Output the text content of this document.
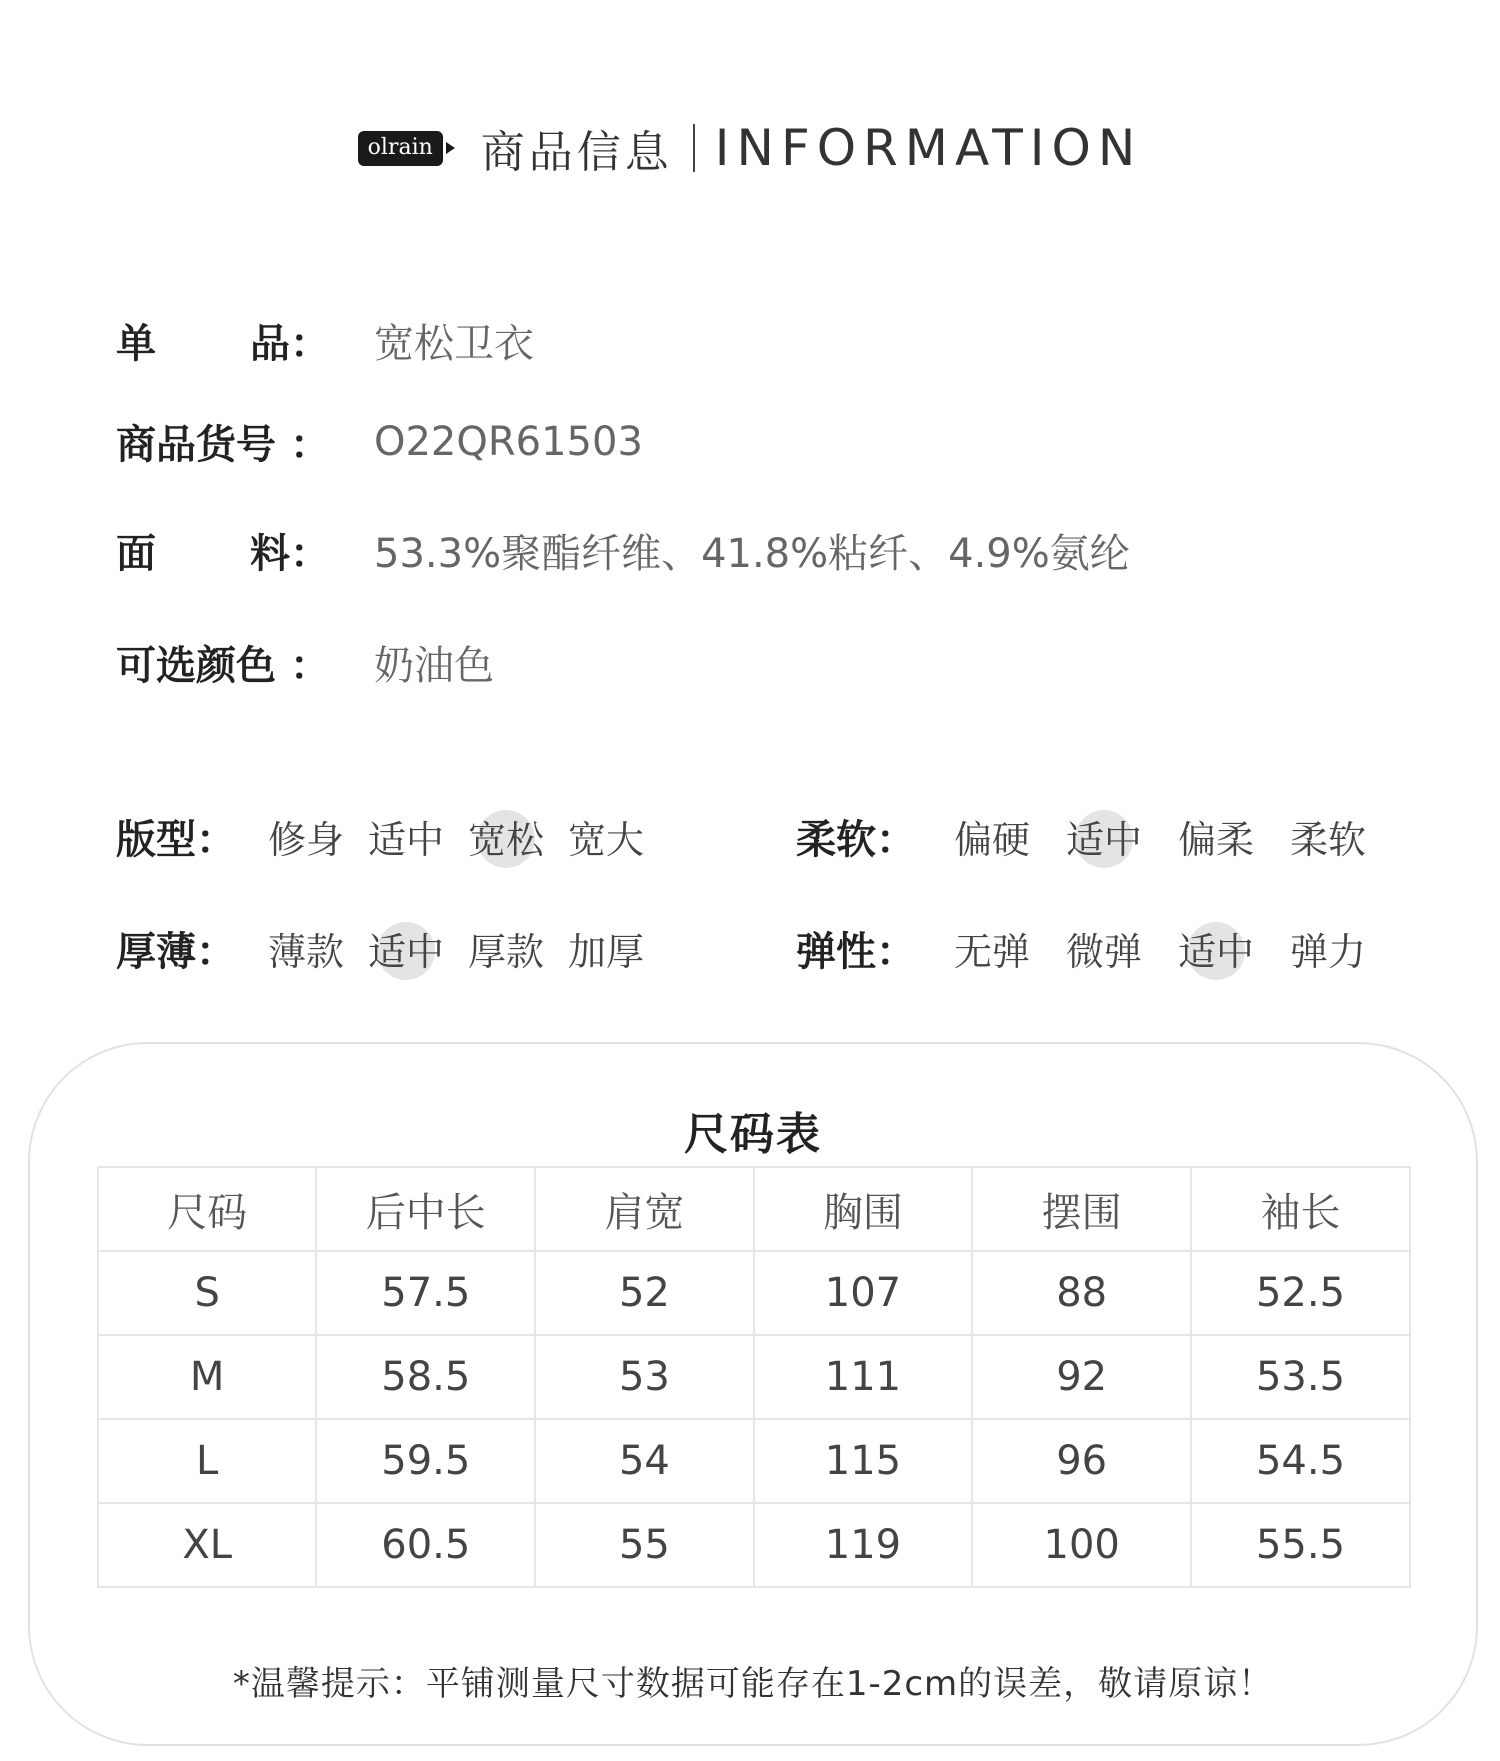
olrain 商品信息 INFORMATION
单 品： 宽松卫衣
商品货号 ： O22QR61503
面 料： 53.3%聚酯纤维、41.8%粘纤、4.9%氨纶
可选颜色 ： 奶油色
版型： 修身 适中 宽松 宽大	柔软： 偏硬 适中 偏柔 柔软
厚薄： 薄款 适中 厚款 加厚	弹性： 无弹 微弹 适中 弹力
尺码表
尺码	后中长	肩宽	胸围	摆围	袖长
S	57.5	52	107	88	52.5
M	58.5	53	111	92	53.5
L	59.5	54	115	96	54.5
XL	60.5	55	119	100	55.5
*温馨提示：平铺测量尺寸数据可能存在1-2cm的误差，敬请原谅！
